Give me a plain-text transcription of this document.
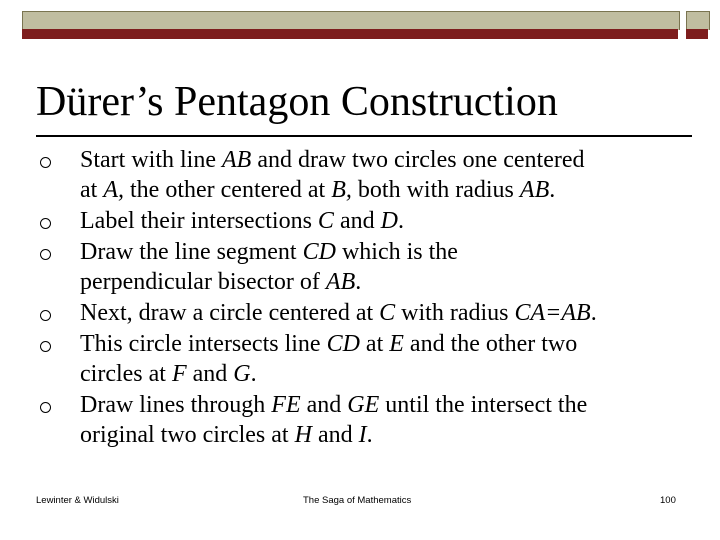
Dürer’s Pentagon Construction
Start with line AB and draw two circles one centered
at A, the other centered at B, both with radius AB.
Label their intersections C and D.
Draw the line segment CD which is the
perpendicular bisector of AB.
Next, draw a circle centered at C with radius CA=AB.
This circle intersects line CD at E and the other two
circles at F and G.
Draw lines through FE and GE until the intersect the
original two circles at H and I.
Lewinter & Widulski	The Saga of Mathematics	100
